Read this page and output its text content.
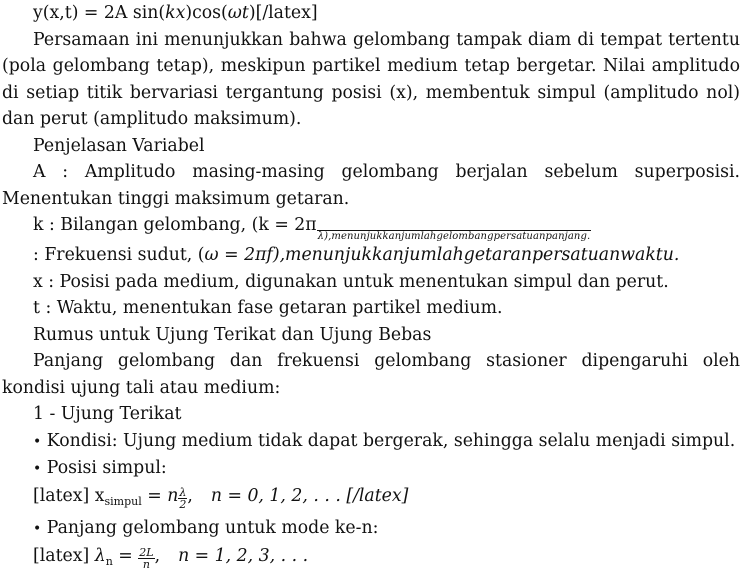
y(x,t) = 2A sin(kx)cos(ωt)[/latex]

Persamaan ini menunjukkan bahwa gelombang tampak diam di tempat tertentu (pola gelombang tetap), meskipun partikel medium tetap bergetar. Nilai amplitudo di setiap titik bervariasi tergantung posisi (x), membentuk simpul (amplitudo nol) dan perut (amplitudo maksimum).

Penjelasan Variabel

A : Amplitudo masing-masing gelombang berjalan sebelum superposisi. Menentukan tinggi maksimum getaran.

k : Bilangan gelombang, (k = 2π

λ),menunjukkanjumlahgelombangpersatuanpanjang.

: Frekuensi sudut, (ω = 2πf),menunjukkanjumlahgetaranpersatuanwaktu.

x : Posisi pada medium, digunakan untuk menentukan simpul dan perut.

t : Waktu, menentukan fase getaran partikel medium.

Rumus untuk Ujung Terikat dan Ujung Bebas

Panjang gelombang dan frekuensi gelombang stasioner dipengaruhi oleh kondisi ujung tali atau medium:

1 - Ujung Terikat

• Kondisi: Ujung medium tidak dapat bergerak, sehingga selalu menjadi simpul.

• Posisi simpul:

[latex] $x_{simpul} = n \frac{\lambda}{2}$ , n = 0, 1, 2, . . . [/latex]

• Panjang gelombang untuk mode ke-n:

[latex] $\lambda_n = \frac{2L}{n}$ , n = 1, 2, 3, . . .
